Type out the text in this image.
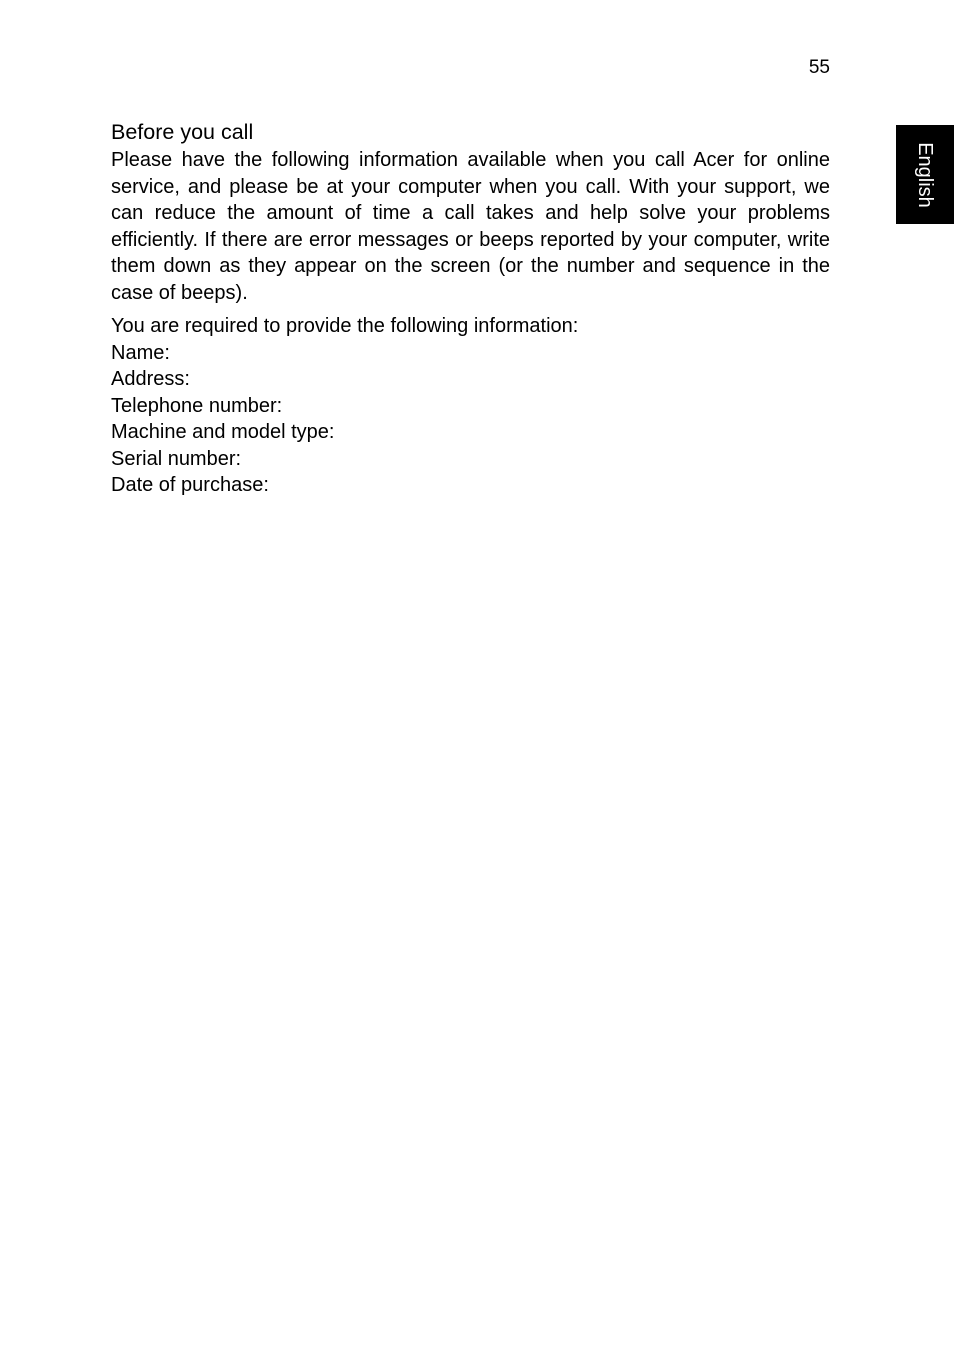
55
English
Before you call

Please have the following information available when you call Acer for online service, and please be at your computer when you call. With your support, we can reduce the amount of time a call takes and help solve your problems efficiently. If there are error messages or beeps reported by your computer, write them down as they appear on the screen (or the number and sequence in the case of beeps).

You are required to provide the following information:

Name:
Address:
Telephone number:
Machine and model type:
Serial number:
Date of purchase:
